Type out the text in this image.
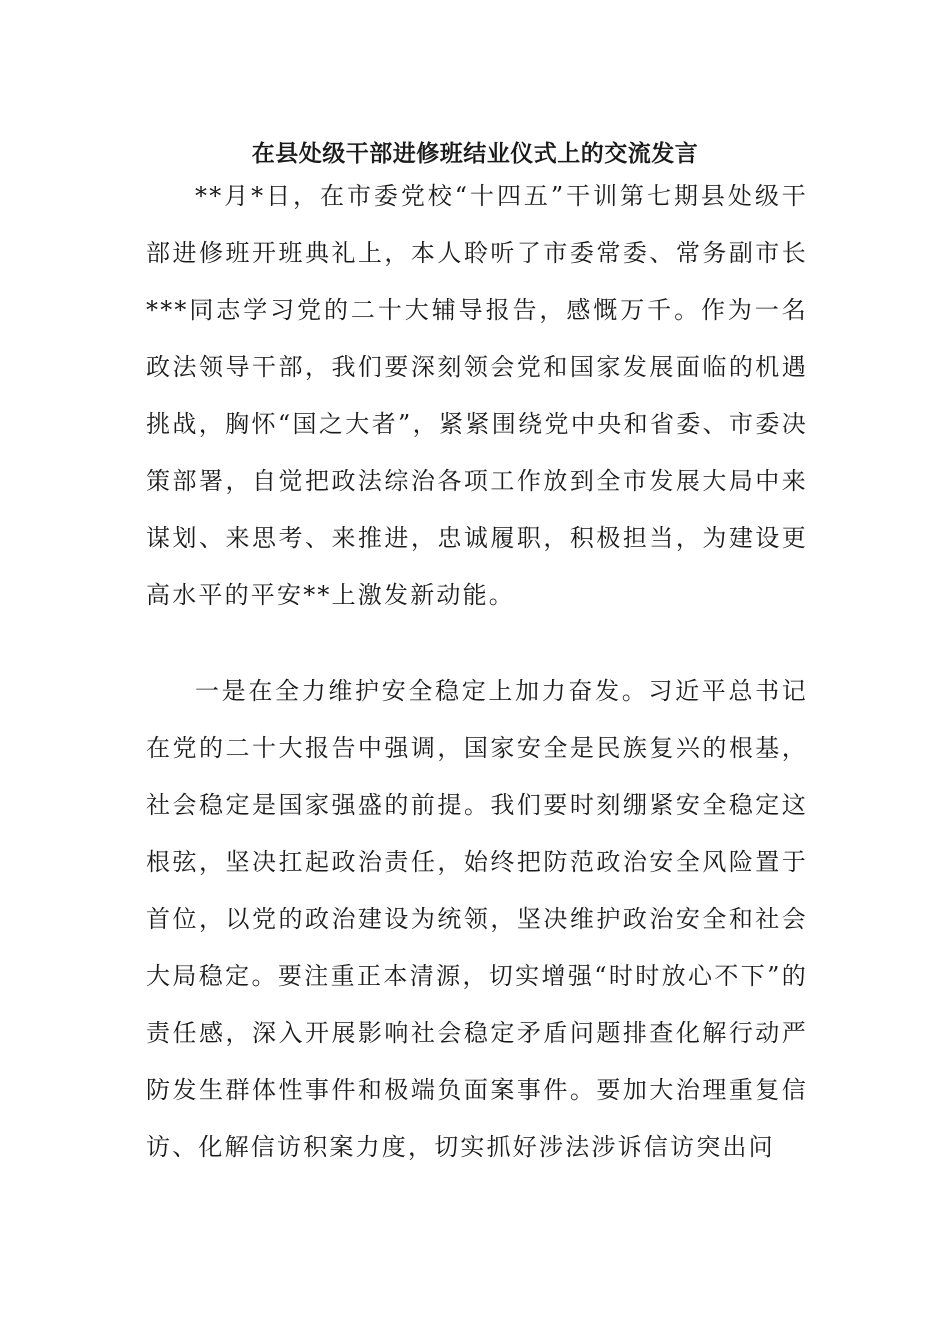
在县处级干部进修班结业仪式上的交流发言

**月*日，在市委党校“十四五”干训第七期县处级干部进修班开班典礼上，本人聆听了市委常委、常务副市长***同志学习党的二十大辅导报告，感慨万千。作为一名政法领导干部，我们要深刻领会党和国家发展面临的机遇挑战，胸怀“国之大者”，紧紧围绕党中央和省委、市委决策部署，自觉把政法综治各项工作放到全市发展大局中来谋划、来思考、来推进，忠诚履职，积极担当，为建设更高水平的平安**上激发新动能。

一是在全力维护安全稳定上加力奋发。习近平总书记在党的二十大报告中强调，国家安全是民族复兴的根基，社会稳定是国家强盛的前提。我们要时刻绷紧安全稳定这根弦，坚决扛起政治责任，始终把防范政治安全风险置于首位，以党的政治建设为统领，坚决维护政治安全和社会大局稳定。要注重正本清源，切实增强“时时放心不下”的责任感，深入开展影响社会稳定矛盾问题排查化解行动严防发生群体性事件和极端负面案事件。要加大治理重复信访、化解信访积案力度，切实抓好涉法涉诉信访突出问
